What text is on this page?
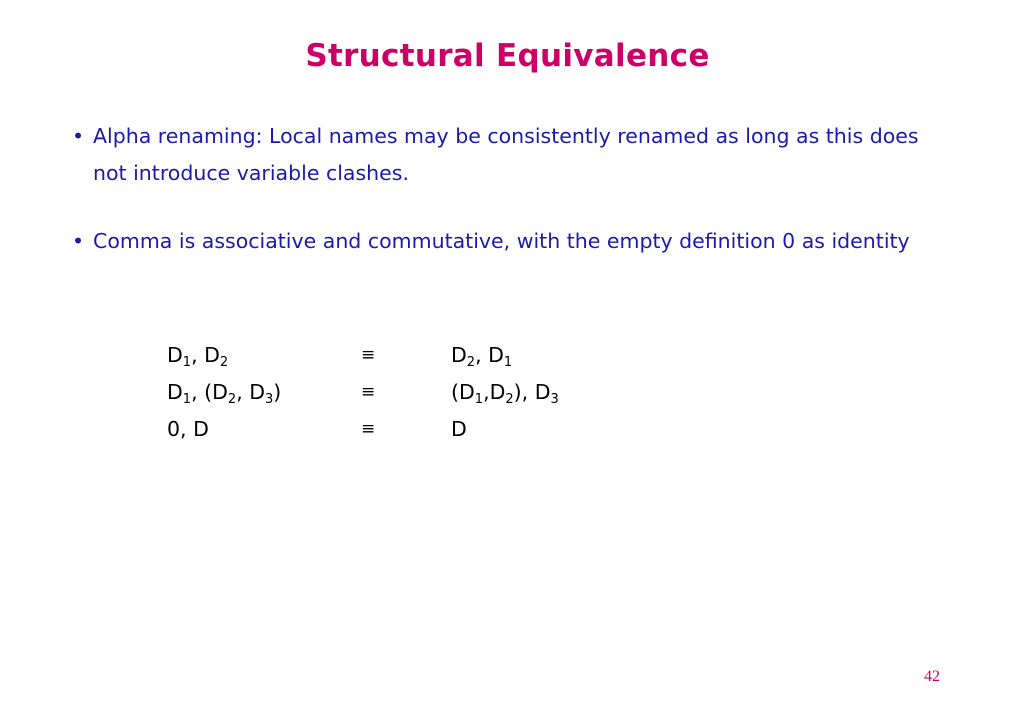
Structural Equivalence
• Alpha renaming: Local names may be consistently renamed as long as this does not introduce variable clashes.
• Comma is associative and commutative, with the empty definition 0 as identity
$D_1$, $D_2$	≡	$D_2$, $D_1$
$D_1$, ($D_2$, $D_3$)	≡	$(D_1,D_2)$, $D_3$
0, D	≡	D
42
